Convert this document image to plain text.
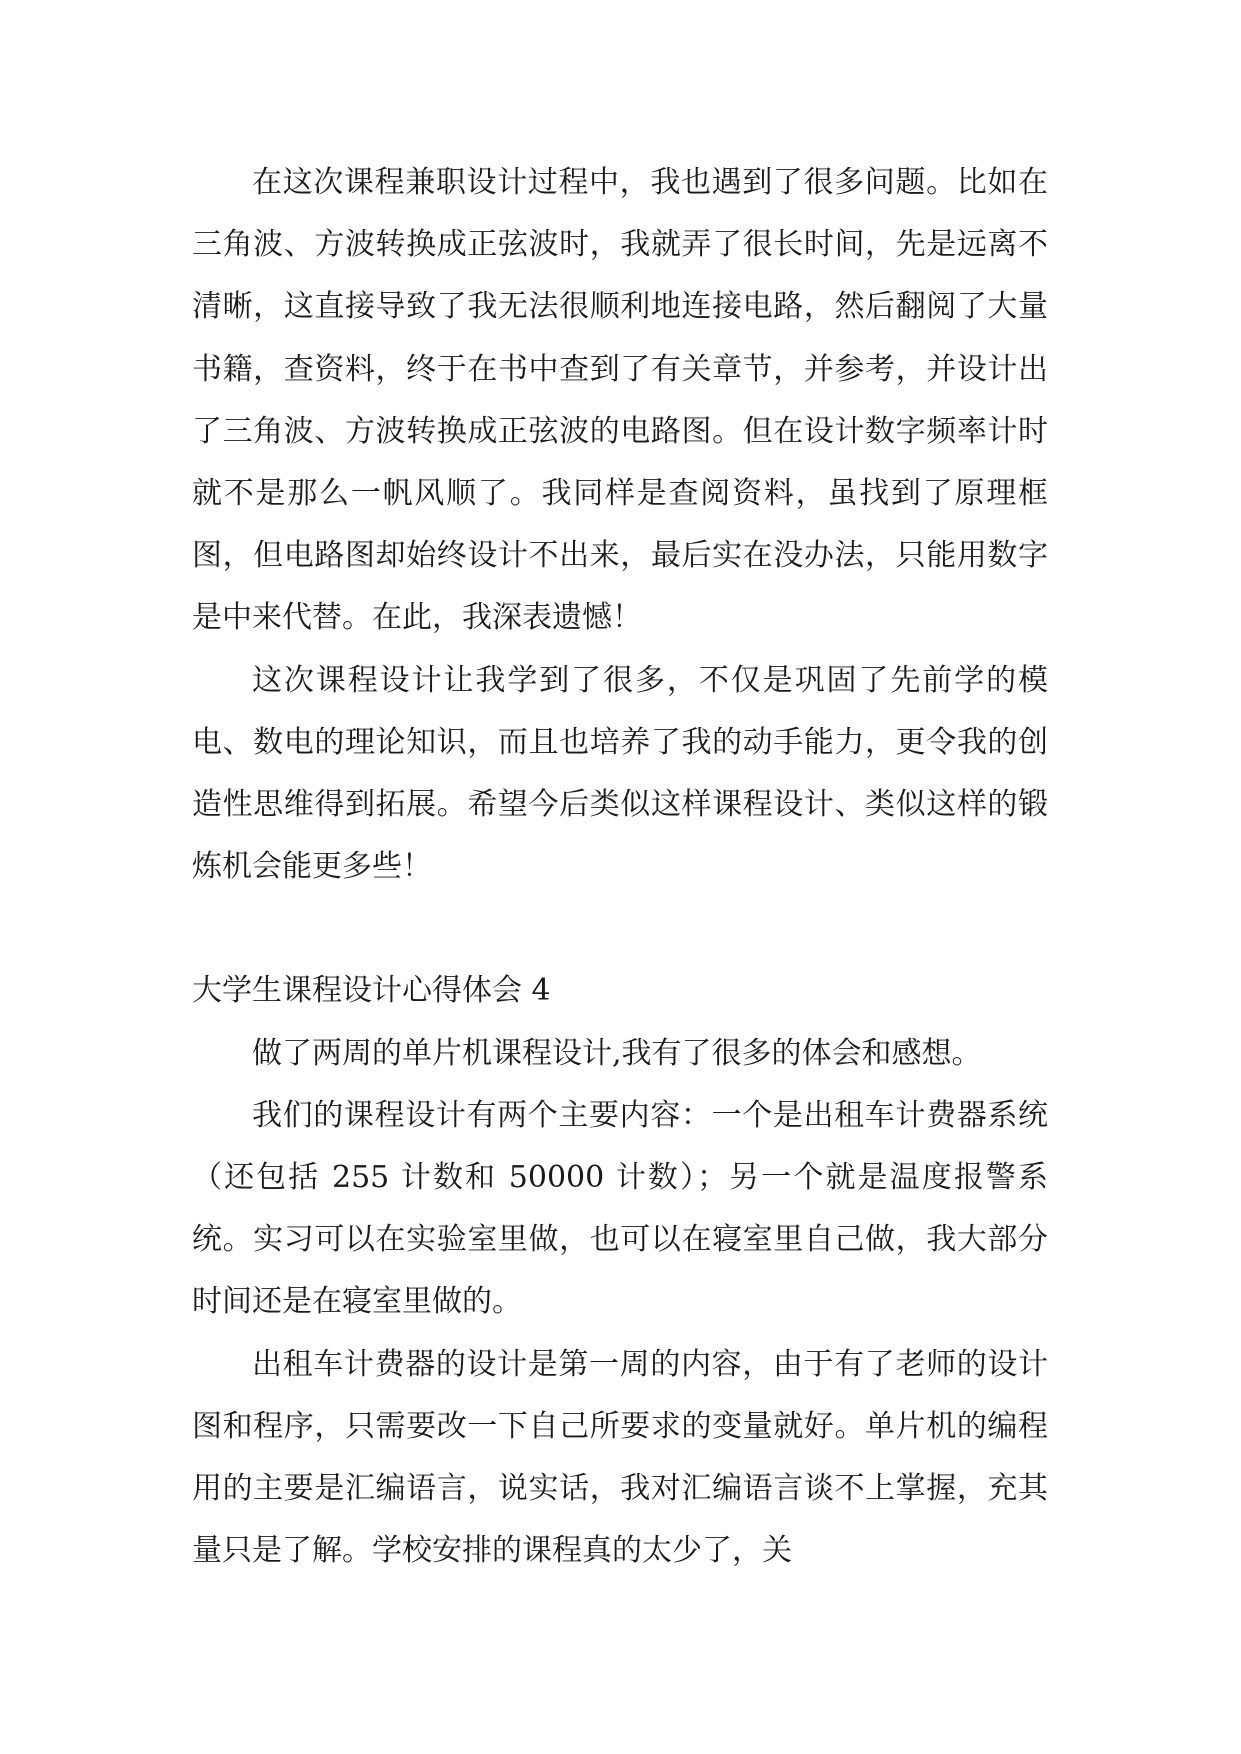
在这次课程兼职设计过程中，我也遇到了很多问题。比如在三角波、方波转换成正弦波时，我就弄了很长时间，先是远离不清晰，这直接导致了我无法很顺利地连接电路，然后翻阅了大量书籍，查资料，终于在书中查到了有关章节，并参考，并设计出了三角波、方波转换成正弦波的电路图。但在设计数字频率计时就不是那么一帆风顺了。我同样是查阅资料，虽找到了原理框图，但电路图却始终设计不出来，最后实在没办法，只能用数字是中来代替。在此，我深表遗憾！

这次课程设计让我学到了很多，不仅是巩固了先前学的模电、数电的理论知识，而且也培养了我的动手能力，更令我的创造性思维得到拓展。希望今后类似这样课程设计、类似这样的锻炼机会能更多些！

大学生课程设计心得体会 4

做了两周的单片机课程设计,我有了很多的体会和感想。

我们的课程设计有两个主要内容：一个是出租车计费器系统（还包括 255 计数和 50000 计数）；另一个就是温度报警系统。实习可以在实验室里做，也可以在寝室里自己做，我大部分时间还是在寝室里做的。

出租车计费器的设计是第一周的内容，由于有了老师的设计图和程序，只需要改一下自己所要求的变量就好。单片机的编程用的主要是汇编语言，说实话，我对汇编语言谈不上掌握，充其量只是了解。学校安排的课程真的太少了，关
